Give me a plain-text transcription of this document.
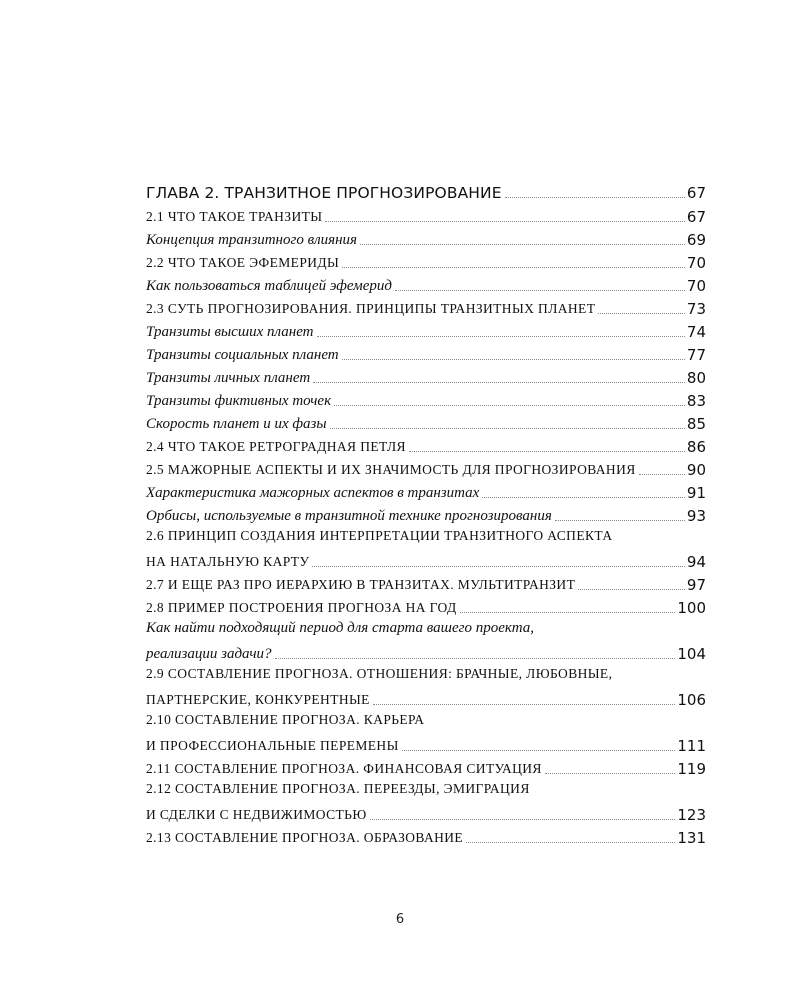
ГЛАВА 2. ТРАНЗИТНОЕ ПРОГНОЗИРОВАНИЕ	67
2.1 ЧТО ТАКОЕ ТРАНЗИТЫ	67
Концепция транзитного влияния	69
2.2 ЧТО ТАКОЕ ЭФЕМЕРИДЫ	70
Как пользоваться таблицей эфемерид	70
2.3 СУТЬ ПРОГНОЗИРОВАНИЯ. ПРИНЦИПЫ ТРАНЗИТНЫХ ПЛАНЕТ	73
Транзиты высших планет	74
Транзиты социальных планет	77
Транзиты личных планет	80
Транзиты фиктивных точек	83
Скорость планет и их фазы	85
2.4 ЧТО ТАКОЕ РЕТРОГРАДНАЯ ПЕТЛЯ	86
2.5 МАЖОРНЫЕ АСПЕКТЫ И ИХ ЗНАЧИМОСТЬ ДЛЯ ПРОГНОЗИРОВАНИЯ	90
Характеристика мажорных аспектов в транзитах	91
Орбисы, используемые в транзитной технике прогнозирования	93
2.6 ПРИНЦИП СОЗДАНИЯ ИНТЕРПРЕТАЦИИ ТРАНЗИТНОГО АСПЕКТА
НА НАТАЛЬНУЮ КАРТУ	94
2.7 И ЕЩЕ РАЗ ПРО ИЕРАРХИЮ В ТРАНЗИТАХ. МУЛЬТИТРАНЗИТ	97
2.8 ПРИМЕР ПОСТРОЕНИЯ ПРОГНОЗА НА ГОД	100
Как найти подходящий период для старта вашего проекта,
реализации задачи?	104
2.9 СОСТАВЛЕНИЕ ПРОГНОЗА. ОТНОШЕНИЯ: БРАЧНЫЕ, ЛЮБОВНЫЕ,
ПАРТНЕРСКИЕ, КОНКУРЕНТНЫЕ	106
2.10 СОСТАВЛЕНИЕ ПРОГНОЗА. КАРЬЕРА
И ПРОФЕССИОНАЛЬНЫЕ ПЕРЕМЕНЫ	111
2.11 СОСТАВЛЕНИЕ ПРОГНОЗА. ФИНАНСОВАЯ СИТУАЦИЯ	119
2.12 СОСТАВЛЕНИЕ ПРОГНОЗА. ПЕРЕЕЗДЫ, ЭМИГРАЦИЯ
И СДЕЛКИ С НЕДВИЖИМОСТЬЮ	123
2.13 СОСТАВЛЕНИЕ ПРОГНОЗА. ОБРАЗОВАНИЕ	131
6
